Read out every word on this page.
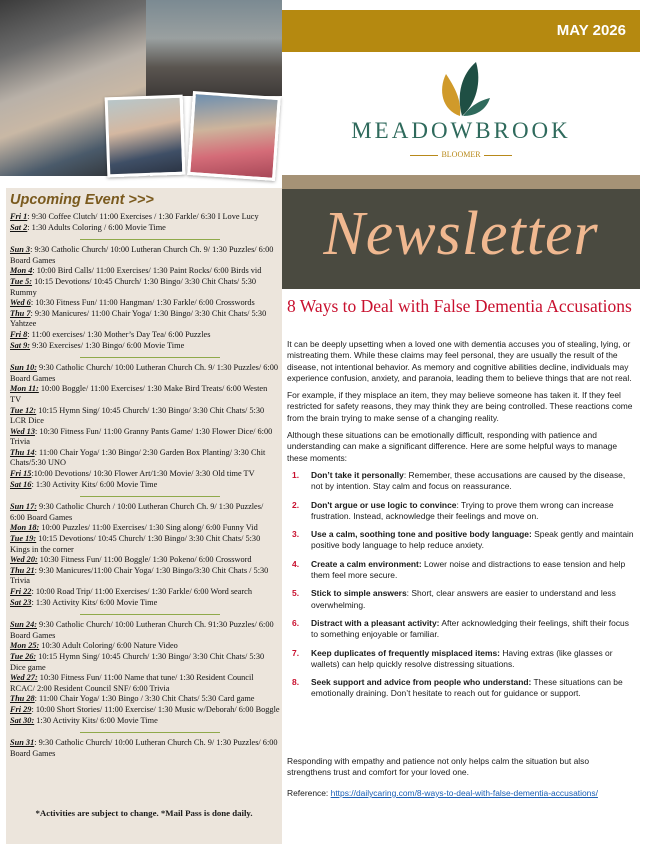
Upcoming Event >>>
Fri 1: 9:30 Coffee Clutch/ 11:00 Exercises / 1:30 Farkle/ 6:30 I Love Lucy
Sat 2: 1:30 Adults Coloring / 6:00 Movie Time
Sun 3: 9:30 Catholic Church/ 10:00 Lutheran Church Ch. 9/ 1:30 Puzzles/ 6:00 Board Games
Mon 4: 10:00 Bird Calls/ 11:00 Exercises/ 1:30 Paint Rocks/ 6:00 Birds vid
Tue 5: 10:15 Devotions/ 10:45 Church/ 1:30 Bingo/ 3:30 Chit Chats/ 5:30 Rummy
Wed 6: 10:30 Fitness Fun/ 11:00 Hangman/ 1:30 Farkle/ 6:00 Crosswords
Thu 7: 9:30 Manicures/ 11:00 Chair Yoga/ 1:30 Bingo/ 3:30 Chit Chats/ 5:30 Yahtzee
Fri 8: 11:00 exercises/ 1:30 Mother’s Day Tea/ 6:00 Puzzles
Sat 9: 9:30 Exercises/ 1:30 Bingo/ 6:00 Movie Time
Sun 10: 9:30 Catholic Church/ 10:00 Lutheran Church Ch. 9/ 1:30 Puzzles/ 6:00 Board Games
Mon 11: 10:00 Boggle/ 11:00 Exercises/ 1:30 Make Bird Treats/ 6:00 Westen TV
Tue 12: 10:15 Hymn Sing/ 10:45 Church/ 1:30 Bingo/ 3:30 Chit Chats/ 5:30 LCR Dice
Wed 13: 10:30 Fitness Fun/ 11:00 Granny Pants Game/ 1:30 Flower Dice/ 6:00 Trivia
Thu 14: 11:00 Chair Yoga/ 1:30 Bingo/ 2:30 Garden Box Planting/ 3:30 Chit Chats/5:30 UNO
Fri 15:10:00 Devotions/ 10:30 Flower Art/1:30 Movie/ 3:30 Old time TV
Sat 16: 1:30 Activity Kits/ 6:00 Movie Time
Sun 17: 9:30 Catholic Church / 10:00 Lutheran Church Ch. 9/ 1:30 Puzzles/ 6:00 Board Games
Mon 18: 10:00 Puzzles/ 11:00 Exercises/ 1:30 Sing along/ 6:00 Funny Vid
Tue 19: 10:15 Devotions/ 10:45 Church/ 1:30 Bingo/ 3:30 Chit Chats/ 5:30 Kings in the corner
Wed 20: 10:30 Fitness Fun/ 11:00 Boggle/ 1:30 Pokeno/ 6:00 Crossword
Thu 21: 9:30 Manicures/11:00 Chair Yoga/ 1:30 Bingo/3:30 Chit Chats / 5:30 Trivia
Fri 22: 10:00 Road Trip/ 11:00 Exercises/ 1:30 Farkle/ 6:00 Word search
Sat 23: 1:30 Activity Kits/ 6:00 Movie Time
Sun 24: 9:30 Catholic Church/ 10:00 Lutheran Church Ch. 91:30 Puzzles/ 6:00 Board Games
Mon 25: 10:30 Adult Coloring/ 6:00 Nature Video
Tue 26: 10:15 Hymn Sing/ 10:45 Church/ 1:30 Bingo/ 3:30 Chit Chats/ 5:30 Dice game
Wed 27: 10:30 Fitness Fun/ 11:00 Name that tune/ 1:30 Resident Council RCAC/ 2:00 Resident Council SNF/ 6:00 Trivia
Thu 28: 11:00 Chair Yoga/ 1:30 Bingo / 3:30 Chit Chats/ 5:30 Card game
Fri 29: 10:00 Short Stories/ 11:00 Exercise/ 1:30 Music w/Deborah/ 6:00 Boggle
Sat 30: 1:30 Activity Kits/ 6:00 Movie Time
Sun 31: 9:30 Catholic Church/ 10:00 Lutheran Church Ch. 9/ 1:30 Puzzles/ 6:00 Board Games
*Activities are subject to change. *Mail Pass is done daily.
MAY 2026
MEADOWBROOK
BLOOMER
Newsletter
8 Ways to Deal with False Dementia Accusations

It can be deeply upsetting when a loved one with dementia accuses you of stealing, lying, or mistreating them. While these claims may feel personal, they are usually the result of the disease, not intentional behavior. As memory and cognitive abilities decline, individuals may experience confusion, anxiety, and paranoia, leading them to believe things that are not real.

For example, if they misplace an item, they may believe someone has taken it. If they feel restricted for safety reasons, they may think they are being controlled. These reactions come from the brain trying to make sense of a changing reality.

Although these situations can be emotionally difficult, responding with patience and understanding can make a significant difference. Here are some helpful ways to manage these moments:

1. Don’t take it personally: Remember, these accusations are caused by the disease, not by intention. Stay calm and focus on reassurance.
2. Don't argue or use logic to convince: Trying to prove them wrong can increase frustration. Instead, acknowledge their feelings and move on.
3. Use a calm, soothing tone and positive body language: Speak gently and maintain positive body language to help reduce anxiety.
4. Create a calm environment: Lower noise and distractions to ease tension and help them feel more secure.
5. Stick to simple answers: Short, clear answers are easier to understand and less overwhelming.
6. Distract with a pleasant activity: After acknowledging their feelings, shift their focus to something enjoyable or familiar.
7. Keep duplicates of frequently misplaced items: Having extras (like glasses or wallets) can help quickly resolve distressing situations.
8. Seek support and advice from people who understand: These situations can be emotionally draining. Don’t hesitate to reach out for guidance or support.
Responding with empathy and patience not only helps calm the situation but also strengthens trust and comfort for your loved one.
Reference: https://dailycaring.com/8-ways-to-deal-with-false-dementia-accusations/
